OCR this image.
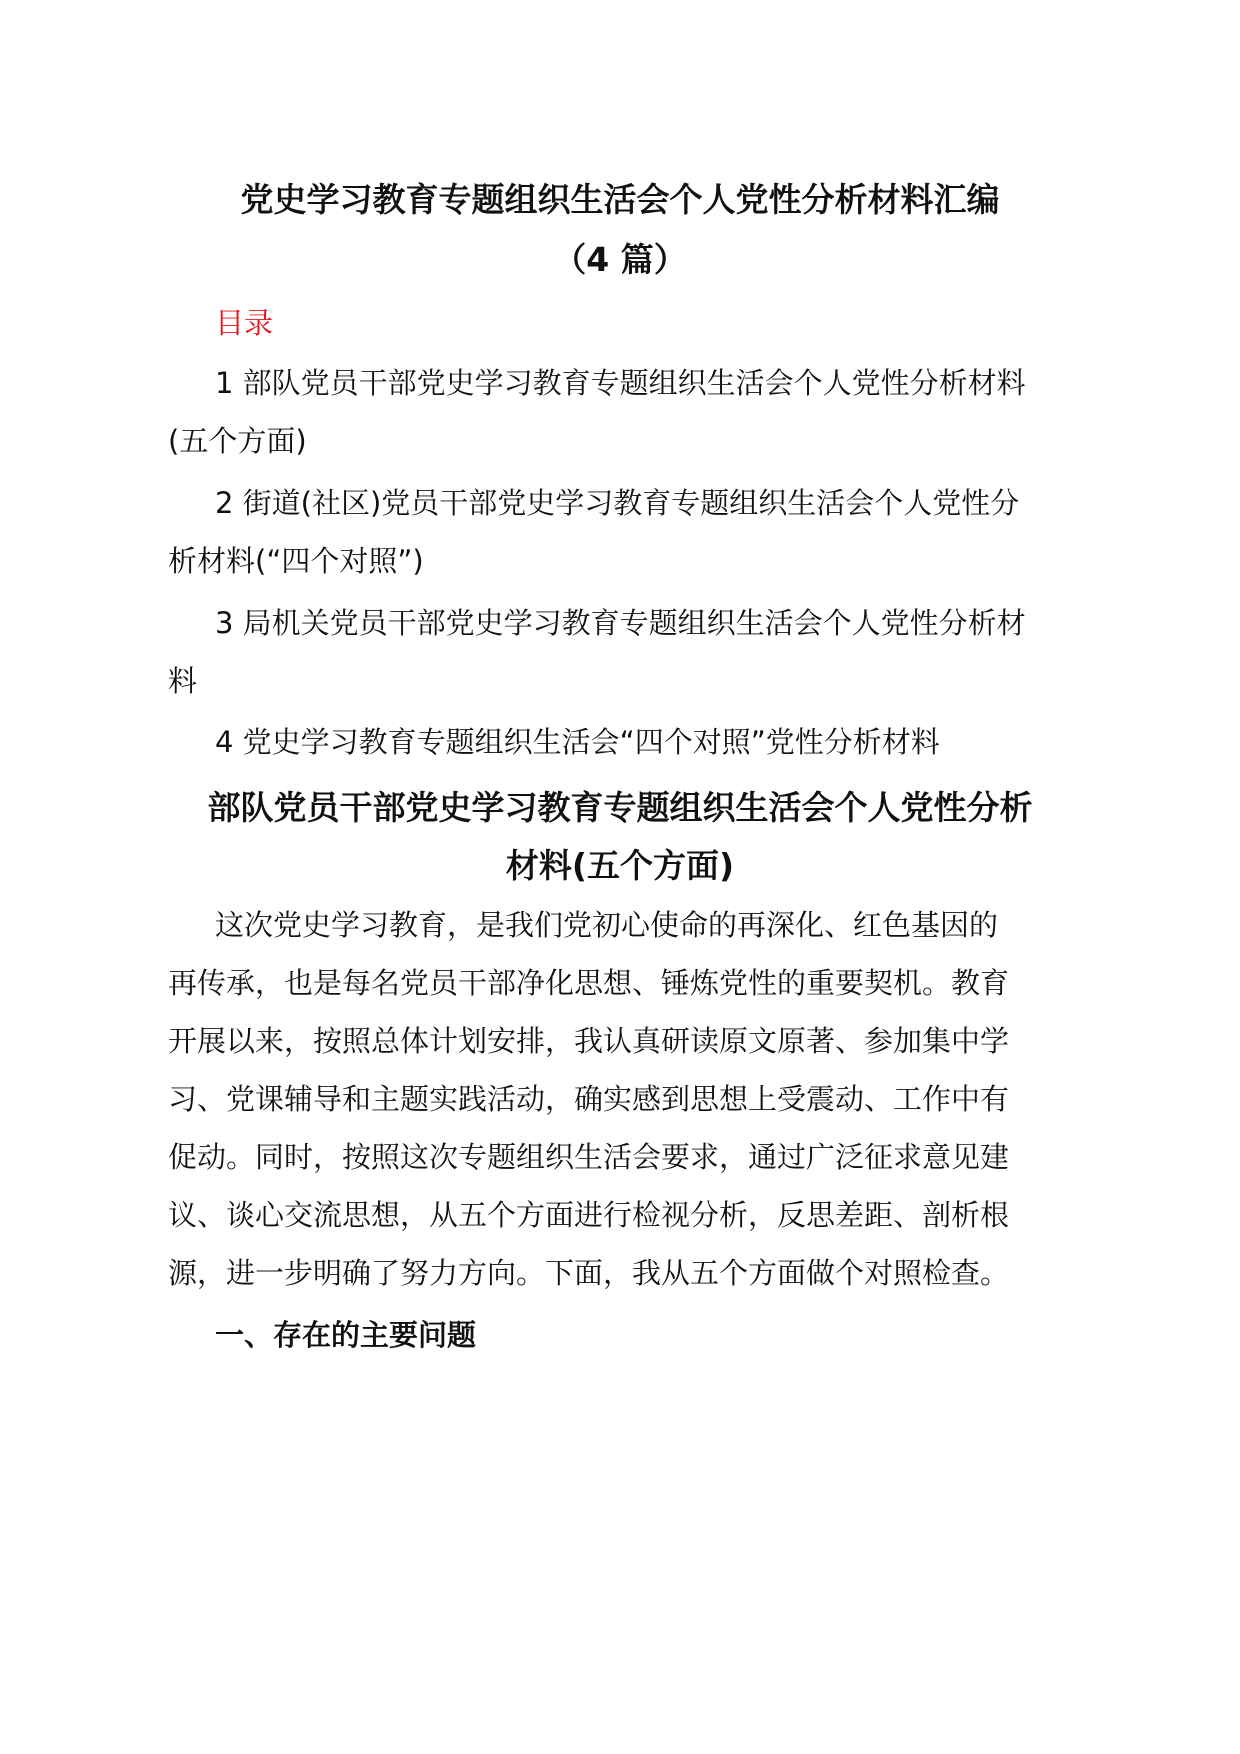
党史学习教育专题组织生活会个人党性分析材料汇编
（4 篇）
目录
1 部队党员干部党史学习教育专题组织生活会个人党性分析材料
(五个方面)
2 街道(社区)党员干部党史学习教育专题组织生活会个人党性分
析材料(“四个对照”)
3 局机关党员干部党史学习教育专题组织生活会个人党性分析材
料
4 党史学习教育专题组织生活会“四个对照”党性分析材料
部队党员干部党史学习教育专题组织生活会个人党性分析
材料(五个方面)
这次党史学习教育，是我们党初心使命的再深化、红色基因的
再传承，也是每名党员干部净化思想、锤炼党性的重要契机。教育
开展以来，按照总体计划安排，我认真研读原文原著、参加集中学
习、党课辅导和主题实践活动，确实感到思想上受震动、工作中有
促动。同时，按照这次专题组织生活会要求，通过广泛征求意见建
议、谈心交流思想，从五个方面进行检视分析，反思差距、剖析根
源，进一步明确了努力方向。下面，我从五个方面做个对照检查。
一、存在的主要问题
